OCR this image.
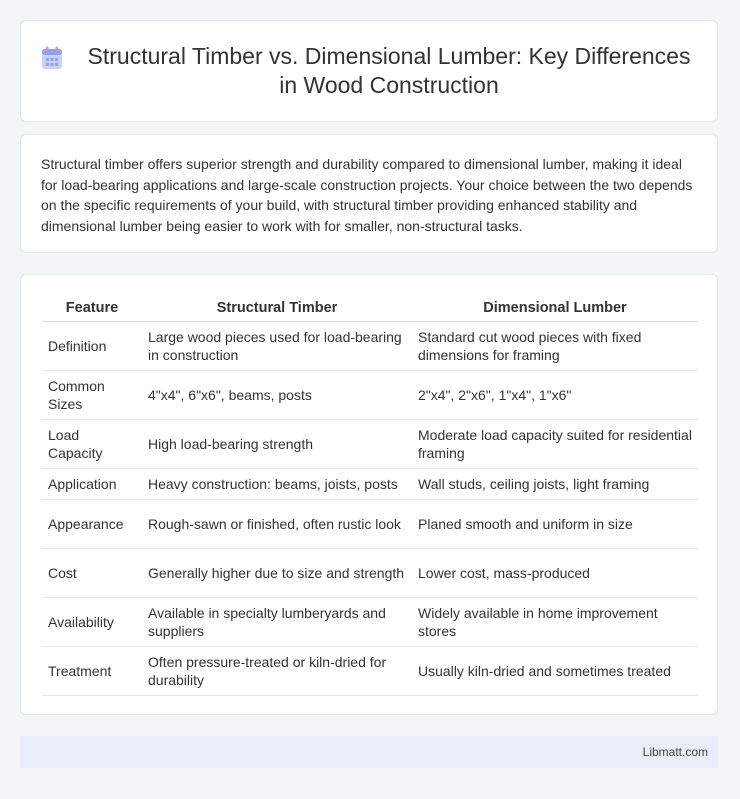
Structural Timber vs. Dimensional Lumber: Key Differences in Wood Construction

Structural timber offers superior strength and durability compared to dimensional lumber, making it ideal for load-bearing applications and large-scale construction projects. Your choice between the two depends on the specific requirements of your build, with structural timber providing enhanced stability and dimensional lumber being easier to work with for smaller, non-structural tasks.

Feature	Structural Timber	Dimensional Lumber
Definition	Large wood pieces used for load-bearing in construction	Standard cut wood pieces with fixed dimensions for framing
Common Sizes	4"x4", 6"x6", beams, posts	2"x4", 2"x6", 1"x4", 1"x6"
Load Capacity	High load-bearing strength	Moderate load capacity suited for residential framing
Application	Heavy construction: beams, joists, posts	Wall studs, ceiling joists, light framing
Appearance	Rough-sawn or finished, often rustic look	Planed smooth and uniform in size
Cost	Generally higher due to size and strength	Lower cost, mass-produced
Availability	Available in specialty lumberyards and suppliers	Widely available in home improvement stores
Treatment	Often pressure-treated or kiln-dried for durability	Usually kiln-dried and sometimes treated
Libmatt.com
